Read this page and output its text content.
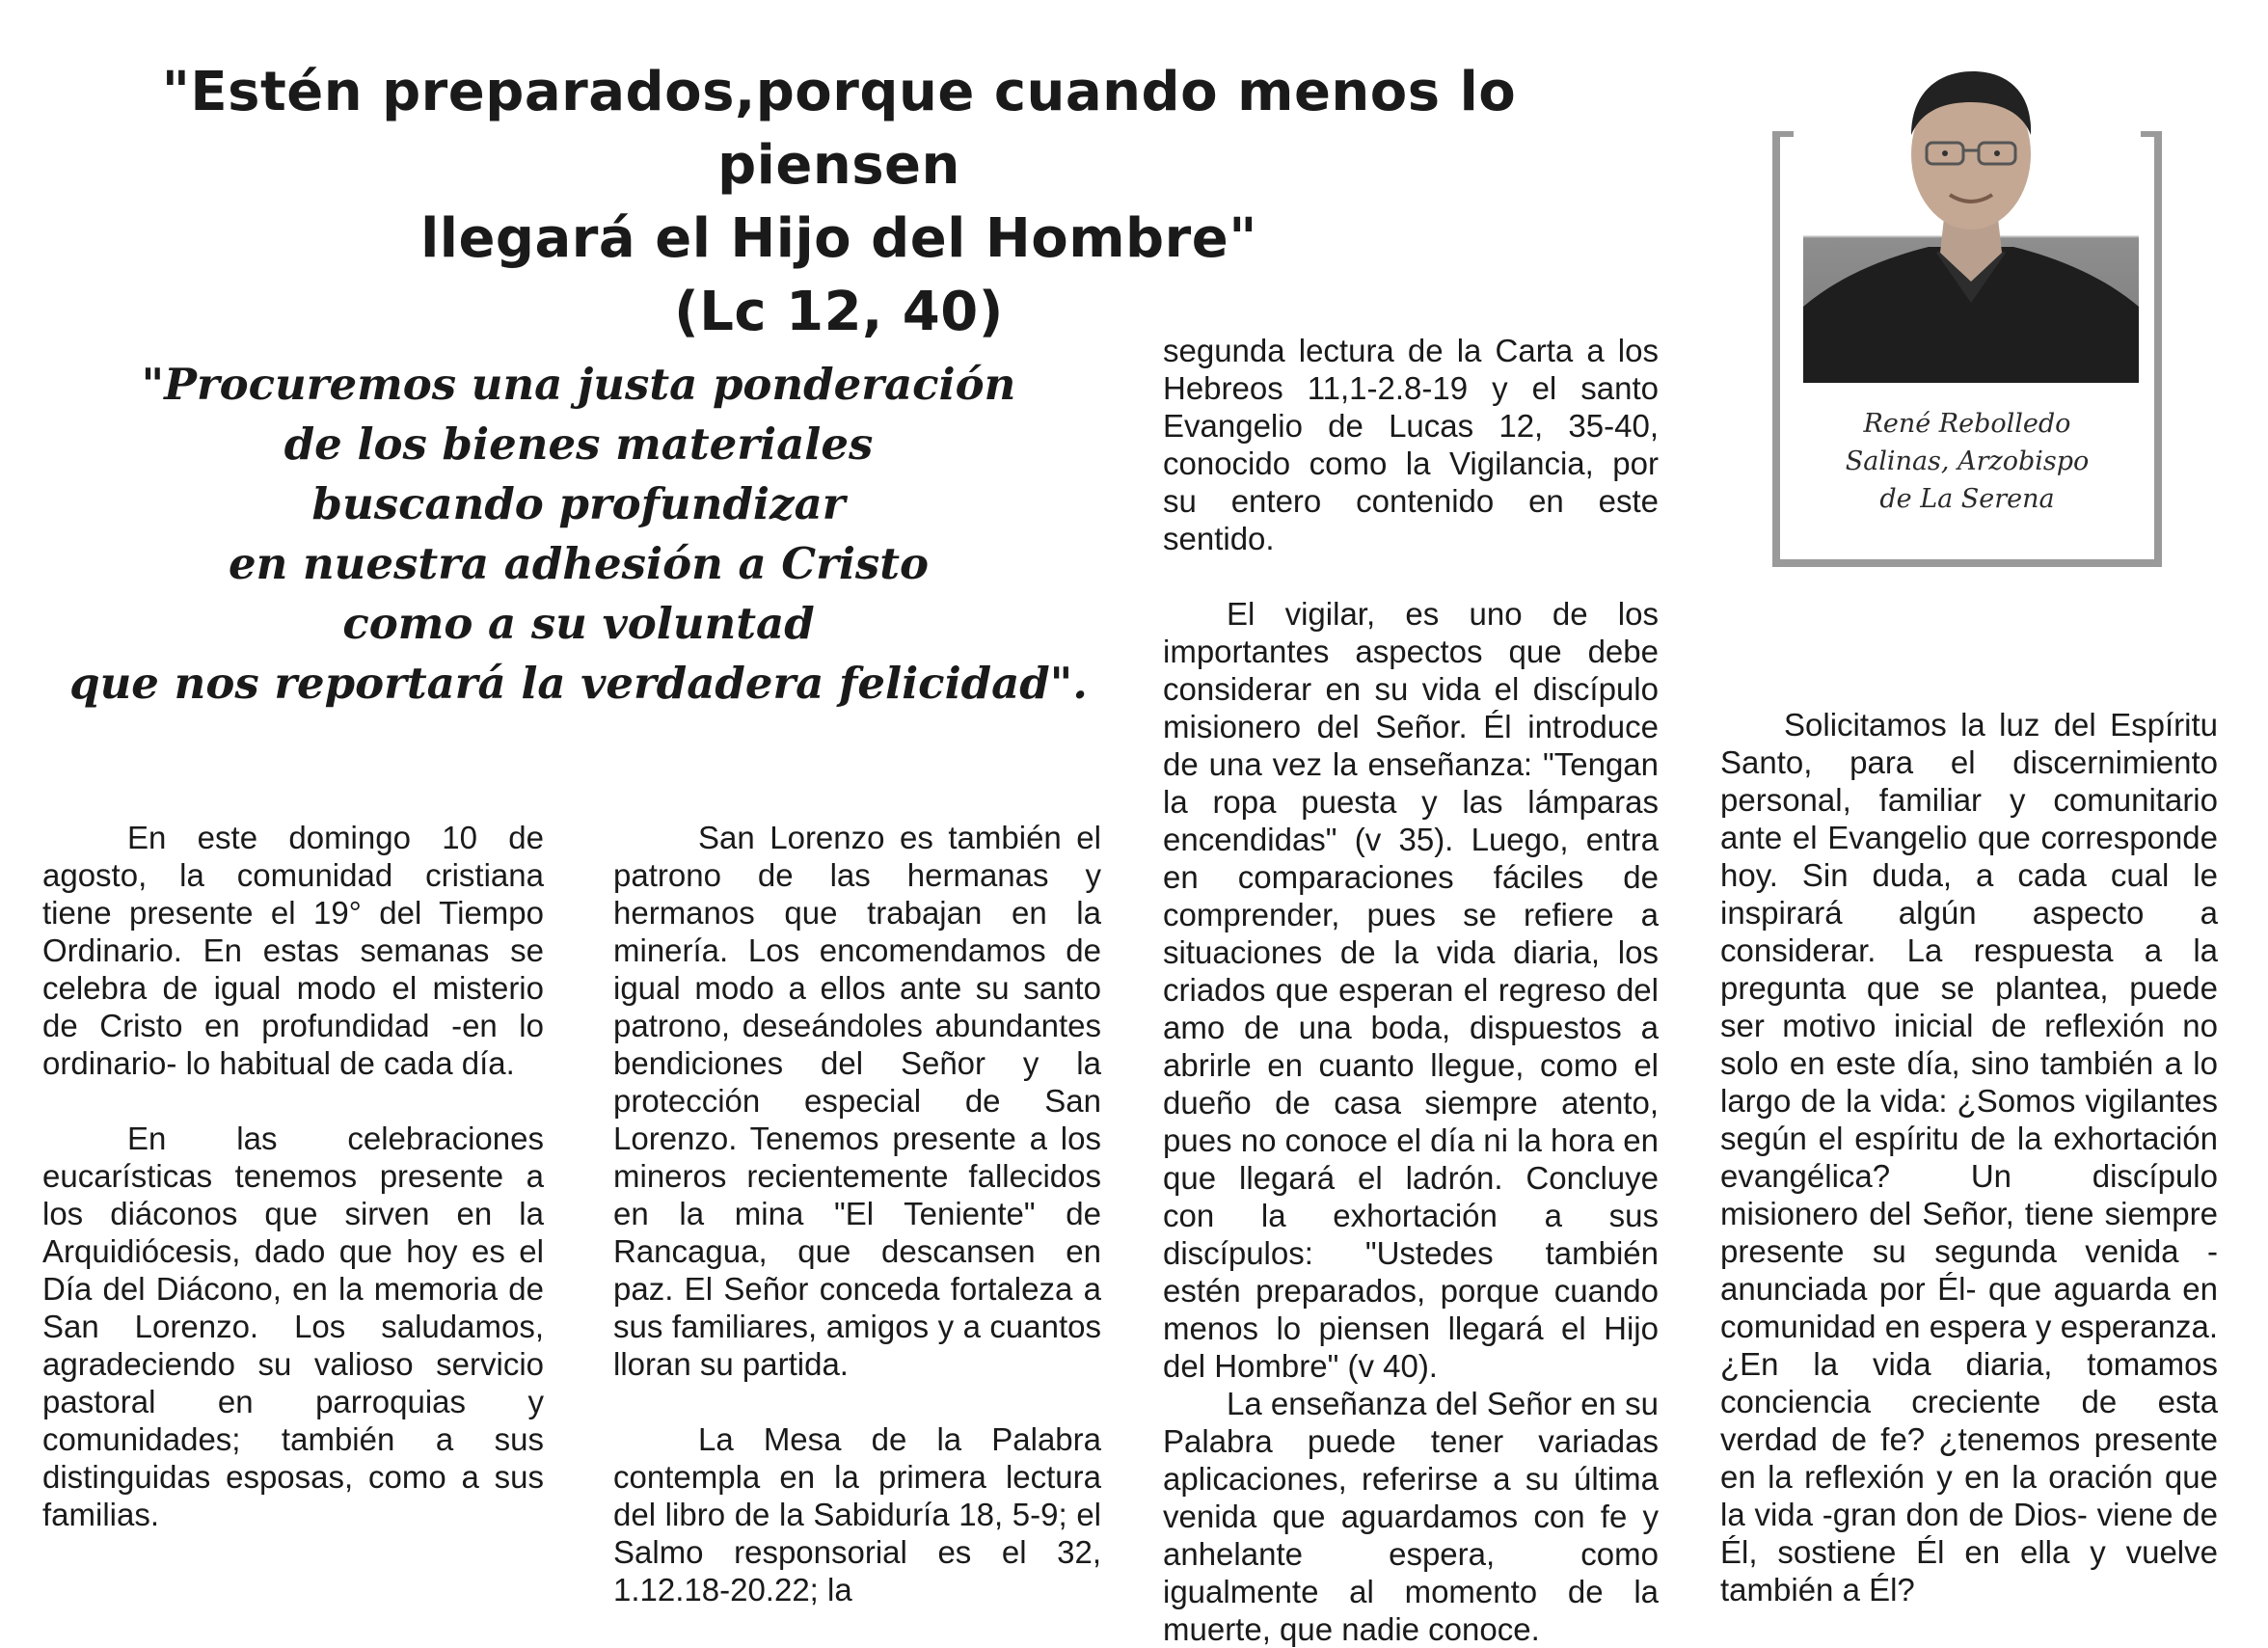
"Estén preparados,porque cuando menos lo piensen
llegará el Hijo del Hombre"
(Lc 12, 40)
"Procuremos una justa ponderación
de los bienes materiales
buscando profundizar
en nuestra adhesión a Cristo
como a su voluntad
que nos reportará la verdadera felicidad".
René Rebolledo
Salinas, Arzobispo
de La Serena

En este domingo 10 de agosto, la comunidad cristiana tiene presente el 19° del Tiempo Ordinario. En estas semanas se celebra de igual modo el misterio de Cristo en profundidad -en lo ordinario- lo habitual de cada día.

En las celebraciones eucarísticas tenemos presente a los diáconos que sirven en la Arquidiócesis, dado que hoy es el Día del Diácono, en la memoria de San Lorenzo. Los saludamos, agradeciendo su valioso servicio pastoral en parroquias y comunidades; también a sus distinguidas esposas, como a sus familias.

San Lorenzo es también el patrono de las hermanas y hermanos que trabajan en la minería. Los encomendamos de igual modo a ellos ante su santo patrono, deseándoles abundantes bendiciones del Señor y la protección especial de San Lorenzo. Tenemos presente a los mineros recientemente fallecidos en la mina "El Teniente" de Rancagua, que descansen en paz. El Señor conceda fortaleza a sus familiares, amigos y a cuantos lloran su partida.

La Mesa de la Palabra contempla en la primera lectura del libro de la Sabiduría 18, 5-9; el Salmo responsorial es el 32, 1.12.18-20.22; la

segunda lectura de la Carta a los Hebreos 11,1-2.8-19 y el santo Evangelio de Lucas 12, 35-40, conocido como la Vigilancia, por su entero contenido en este sentido.

El vigilar, es uno de los importantes aspectos que debe considerar en su vida el discípulo misionero del Señor. Él introduce de una vez la enseñanza: "Tengan la ropa puesta y las lámparas encendidas" (v 35). Luego, entra en comparaciones fáciles de comprender, pues se refiere a situaciones de la vida diaria, los criados que esperan el regreso del amo de una boda, dispuestos a abrirle en cuanto llegue, como el dueño de casa siempre atento, pues no conoce el día ni la hora en que llegará el ladrón. Concluye con la exhortación a sus discípulos: "Ustedes también estén preparados, porque cuando menos lo piensen llegará el Hijo del Hombre" (v 40).

La enseñanza del Señor en su Palabra puede tener variadas aplicaciones, referirse a su última venida que aguardamos con fe y anhelante espera, como igualmente al momento de la muerte, que nadie conoce.

Solicitamos la luz del Espíritu Santo, para el discernimiento personal, familiar y comunitario ante el Evangelio que corresponde hoy. Sin duda, a cada cual le inspirará algún aspecto a considerar. La respuesta a la pregunta que se plantea, puede ser motivo inicial de reflexión no solo en este día, sino también a lo largo de la vida: ¿Somos vigilantes según el espíritu de la exhortación evangélica? Un discípulo misionero del Señor, tiene siempre presente su segunda venida -anunciada por Él- que aguarda en comunidad en espera y esperanza. ¿En la vida diaria, tomamos conciencia creciente de esta verdad de fe? ¿tenemos presente en la reflexión y en la oración que la vida -gran don de Dios- viene de Él, sostiene Él en ella y vuelve también a Él?
